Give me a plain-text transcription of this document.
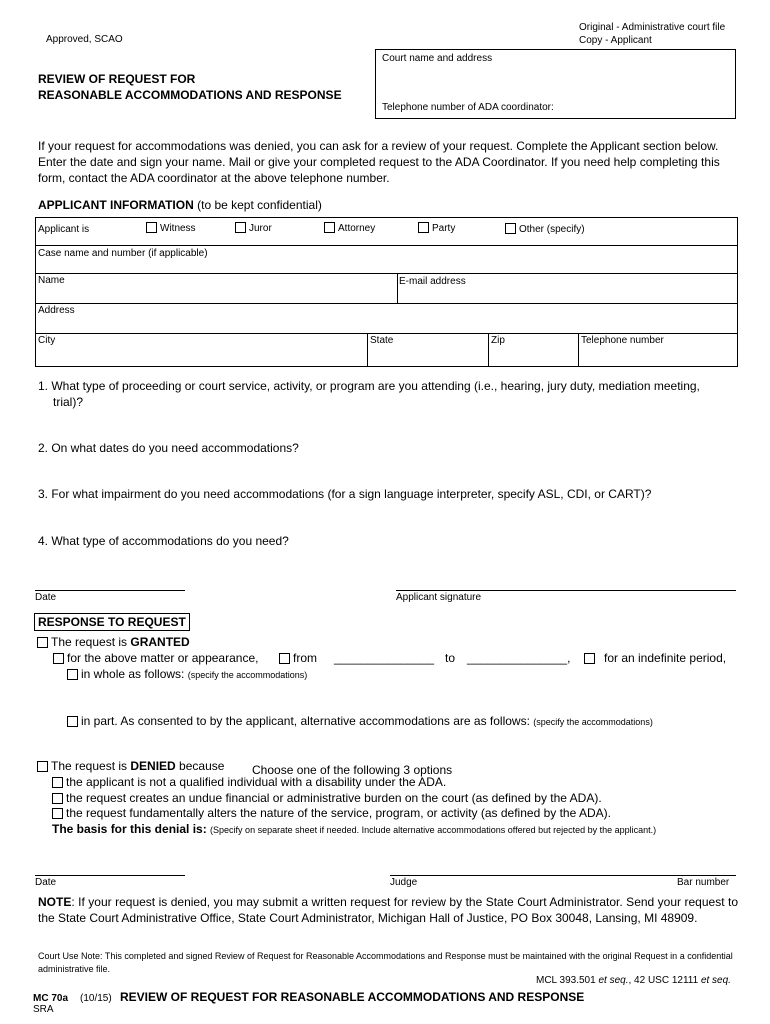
Approved, SCAO
Original - Administrative court file
Copy - Applicant
REVIEW OF REQUEST FOR
REASONABLE ACCOMMODATIONS AND RESPONSE
Court name and address
Telephone number of ADA coordinator:
If your request for accommodations was denied, you can ask for a review of your request. Complete the Applicant section below. Enter the date and sign your name. Mail or give your completed request to the ADA Coordinator. If you need help completing this form, contact the ADA coordinator at the above telephone number.
APPLICANT INFORMATION (to be kept confidential)
Applicant is	Witness	Juror	Attorney	Party	Other (specify)
Case name and number (if applicable)
Name	E-mail address
Address
City	State	Zip	Telephone number
1. What type of proceeding or court service, activity, or program are you attending (i.e., hearing, jury duty, mediation meeting,
trial)?
2. On what dates do you need accommodations?
3. For what impairment do you need accommodations (for a sign language interpreter, specify ASL, CDI, or CART)?
4. What type of accommodations do you need?
Date	Applicant signature
RESPONSE TO REQUEST
The request is GRANTED
for the above matter or appearance,	from _______________ to _______________,	for an indefinite period,
in whole as follows: (specify the accommodations)
in part. As consented to by the applicant, alternative accommodations are as follows: (specify the accommodations)
The request is DENIED because Choose one of the following 3 options
the applicant is not a qualified individual with a disability under the ADA.
the request creates an undue financial or administrative burden on the court (as defined by the ADA).
the request fundamentally alters the nature of the service, program, or activity (as defined by the ADA).
The basis for this denial is: (Specify on separate sheet if needed. Include alternative accommodations offered but rejected by the applicant.)
Date	Judge	Bar number
NOTE: If your request is denied, you may submit a written request for review by the State Court Administrator. Send your request to the State Court Administrative Office, State Court Administrator, Michigan Hall of Justice, PO Box 30048, Lansing, MI 48909.
Court Use Note: This completed and signed Review of Request for Reasonable Accommodations and Response must be maintained with the original Request in a confidential administrative file.
MCL 393.501 et seq., 42 USC 12111 et seq.
MC 70a (10/15) REVIEW OF REQUEST FOR REASONABLE ACCOMMODATIONS AND RESPONSE
SRA
